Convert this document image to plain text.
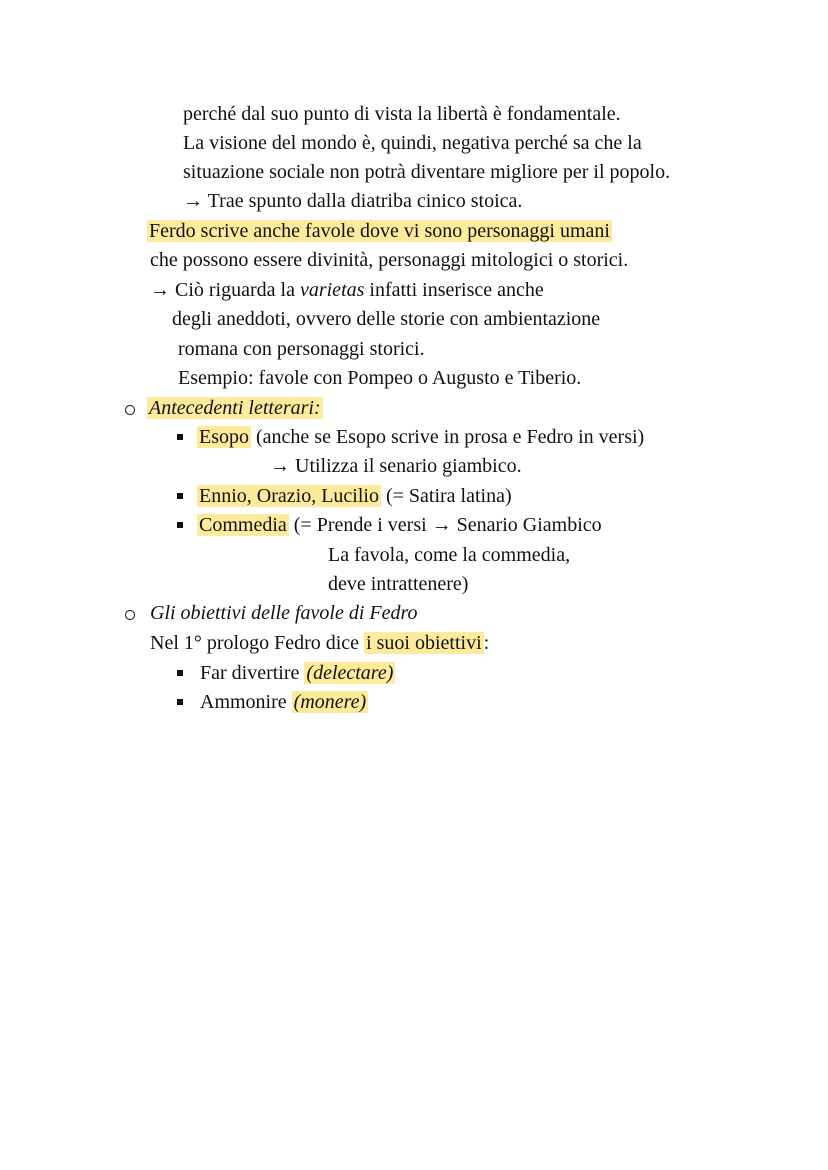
perché dal suo punto di vista la libertà è fondamentale.
La visione del mondo è, quindi, negativa perché sa che la
situazione sociale non potrà diventare migliore per il popolo.
→ Trae spunto dalla diatriba cinico stoica.
Ferdo scrive anche favole dove vi sono personaggi umani
che possono essere divinità, personaggi mitologici o storici.
→ Ciò riguarda la varietas infatti inserisce anche
degli aneddoti, ovvero delle storie con ambientazione
romana con personaggi storici.
Esempio: favole con Pompeo o Augusto e Tiberio.
Antecedenti letterari:
Esopo (anche se Esopo scrive in prosa e Fedro in versi)
→ Utilizza il senario giambico.
Ennio, Orazio, Lucilio (= Satira latina)
Commedia (= Prende i versi → Senario Giambico
La favola, come la commedia,
deve intrattenere)
Gli obiettivi delle favole di Fedro
Nel 1° prologo Fedro dice i suoi obiettivi :
Far divertire (delectare)
Ammonire (monere)
